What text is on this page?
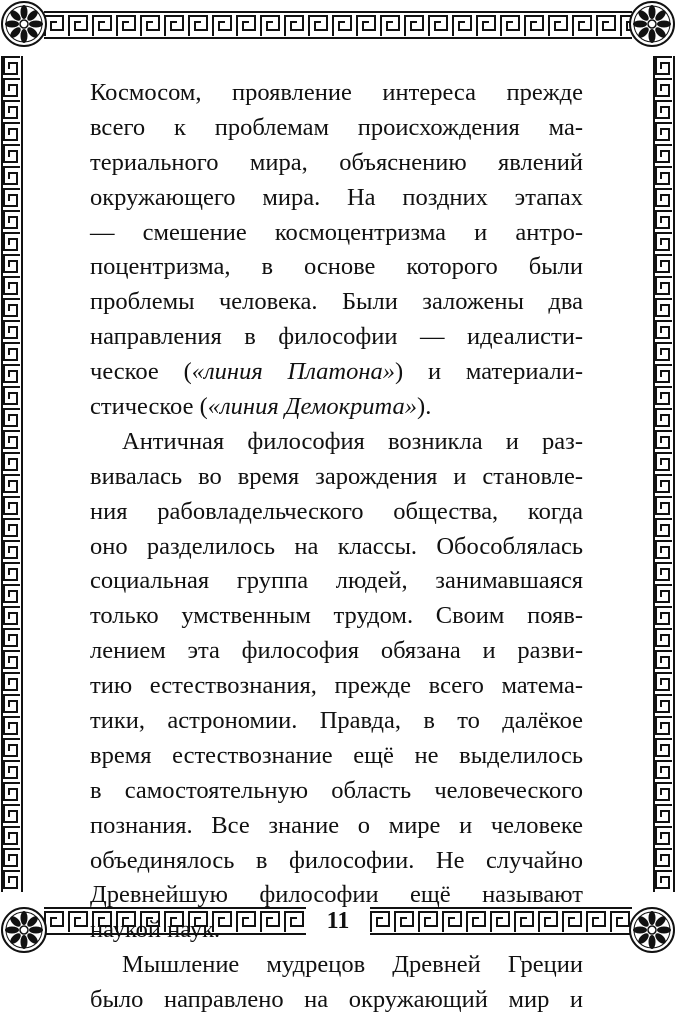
Космосом, проявление интереса прежде
всего к проблемам происхождения ма-
териального мира, объяснению явлений
окружающего мира. На поздних этапах
— смешение космоцентризма и антро-
поцентризма, в основе которого были
проблемы человека. Были заложены два
направления в философии — идеалисти-
ческое («линия Платона») и материали-
стическое («линия Демокрита»).
Античная философия возникла и раз-
вивалась во время зарождения и становле-
ния рабовладельческого общества, когда
оно разделилось на классы. Обособлялась
социальная группа людей, занимавшаяся
только умственным трудом. Своим появ-
лением эта философия обязана и разви-
тию естествознания, прежде всего матема-
тики, астрономии. Правда, в то далёкое
время естествознание ещё не выделилось
в самостоятельную область человеческого
познания. Все знание о мире и человеке
объединялось в философии. Не случайно
Древнейшую философии ещё называют
наукой наук.
Мышление мудрецов Древней Греции
было направлено на окружающий мир и
11
